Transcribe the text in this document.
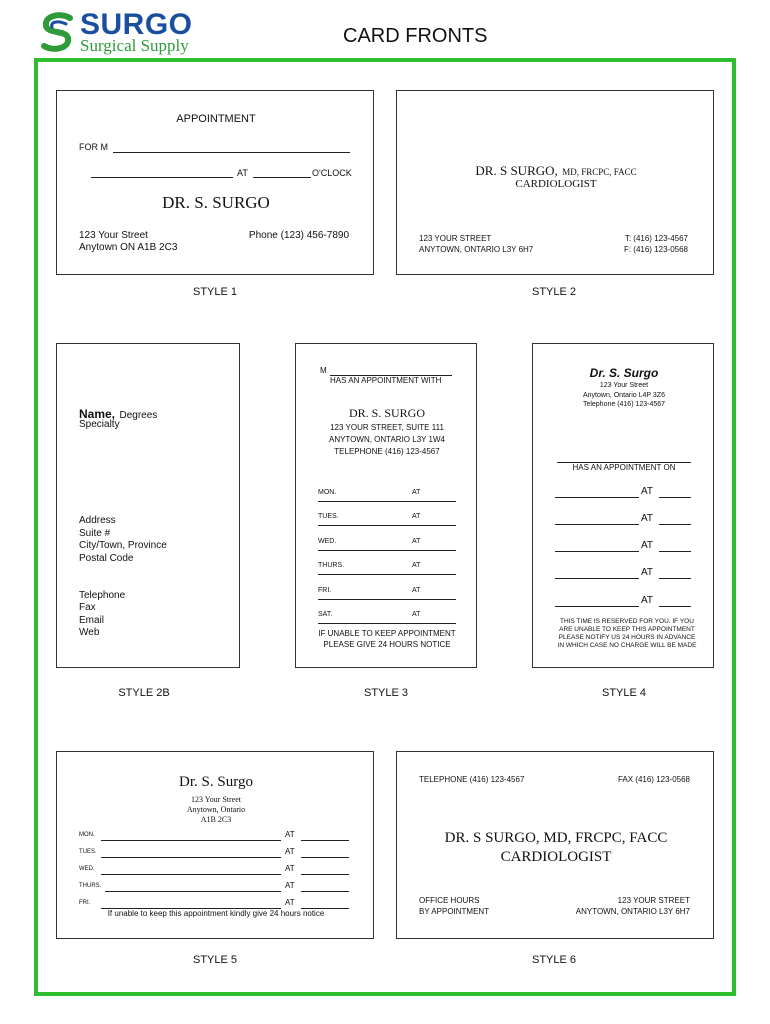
SURGO
Surgical Supply	CARD FRONTS
APPOINTMENT
FOR M
AT	O'CLOCK
DR. S. SURGO
123 Your Street
Anytown ON A1B 2C3
Phone (123) 456-7890
STYLE 1
DR. S SURGO, MD, FRCPC, FACC
CARDIOLOGIST
123 YOUR STREET
ANYTOWN, ONTARIO L3Y 6H7
T: (416) 123-4567
F: (416) 123-0568
STYLE 2
Name, Degrees
Specialty
Address
Suite #
City/Town, Province
Postal Code
Telephone
Fax
Email
Web
STYLE 2B
M
HAS AN APPOINTMENT WITH
DR. S. SURGO
123 YOUR STREET, SUITE 111
ANYTOWN, ONTARIO L3Y 1W4
TELEPHONE (416) 123-4567
MON.	AT
TUES.	AT
WED.	AT
THURS.	AT
FRI.	AT
SAT.	AT
IF UNABLE TO KEEP APPOINTMENT
PLEASE GIVE 24 HOURS NOTICE
STYLE 3
Dr. S. Surgo
123 Your Street
Anytown, Ontario L4P 3Z6
Telephone (416) 123-4567
HAS AN APPOINTMENT ON
AT
AT
AT
AT
AT
THIS TIME IS RESERVED FOR YOU. IF YOU
ARE UNABLE TO KEEP THIS APPOINTMENT
PLEASE NOTIFY US 24 HOURS IN ADVANCE
IN WHICH CASE NO CHARGE WILL BE MADE
STYLE 4
Dr. S. Surgo
123 Your Street
Anytown, Ontario
A1B 2C3
MON.	AT
TUES.	AT
WED.	AT
THURS.	AT
FRI.	AT
If unable to keep this appointment kindly give 24 hours notice
STYLE 5
TELEPHONE (416) 123-4567	FAX (416) 123-0568
DR. S SURGO, MD, FRCPC, FACC
CARDIOLOGIST
OFFICE HOURS
BY APPOINTMENT
123 YOUR STREET
ANYTOWN, ONTARIO L3Y 6H7
STYLE 6
